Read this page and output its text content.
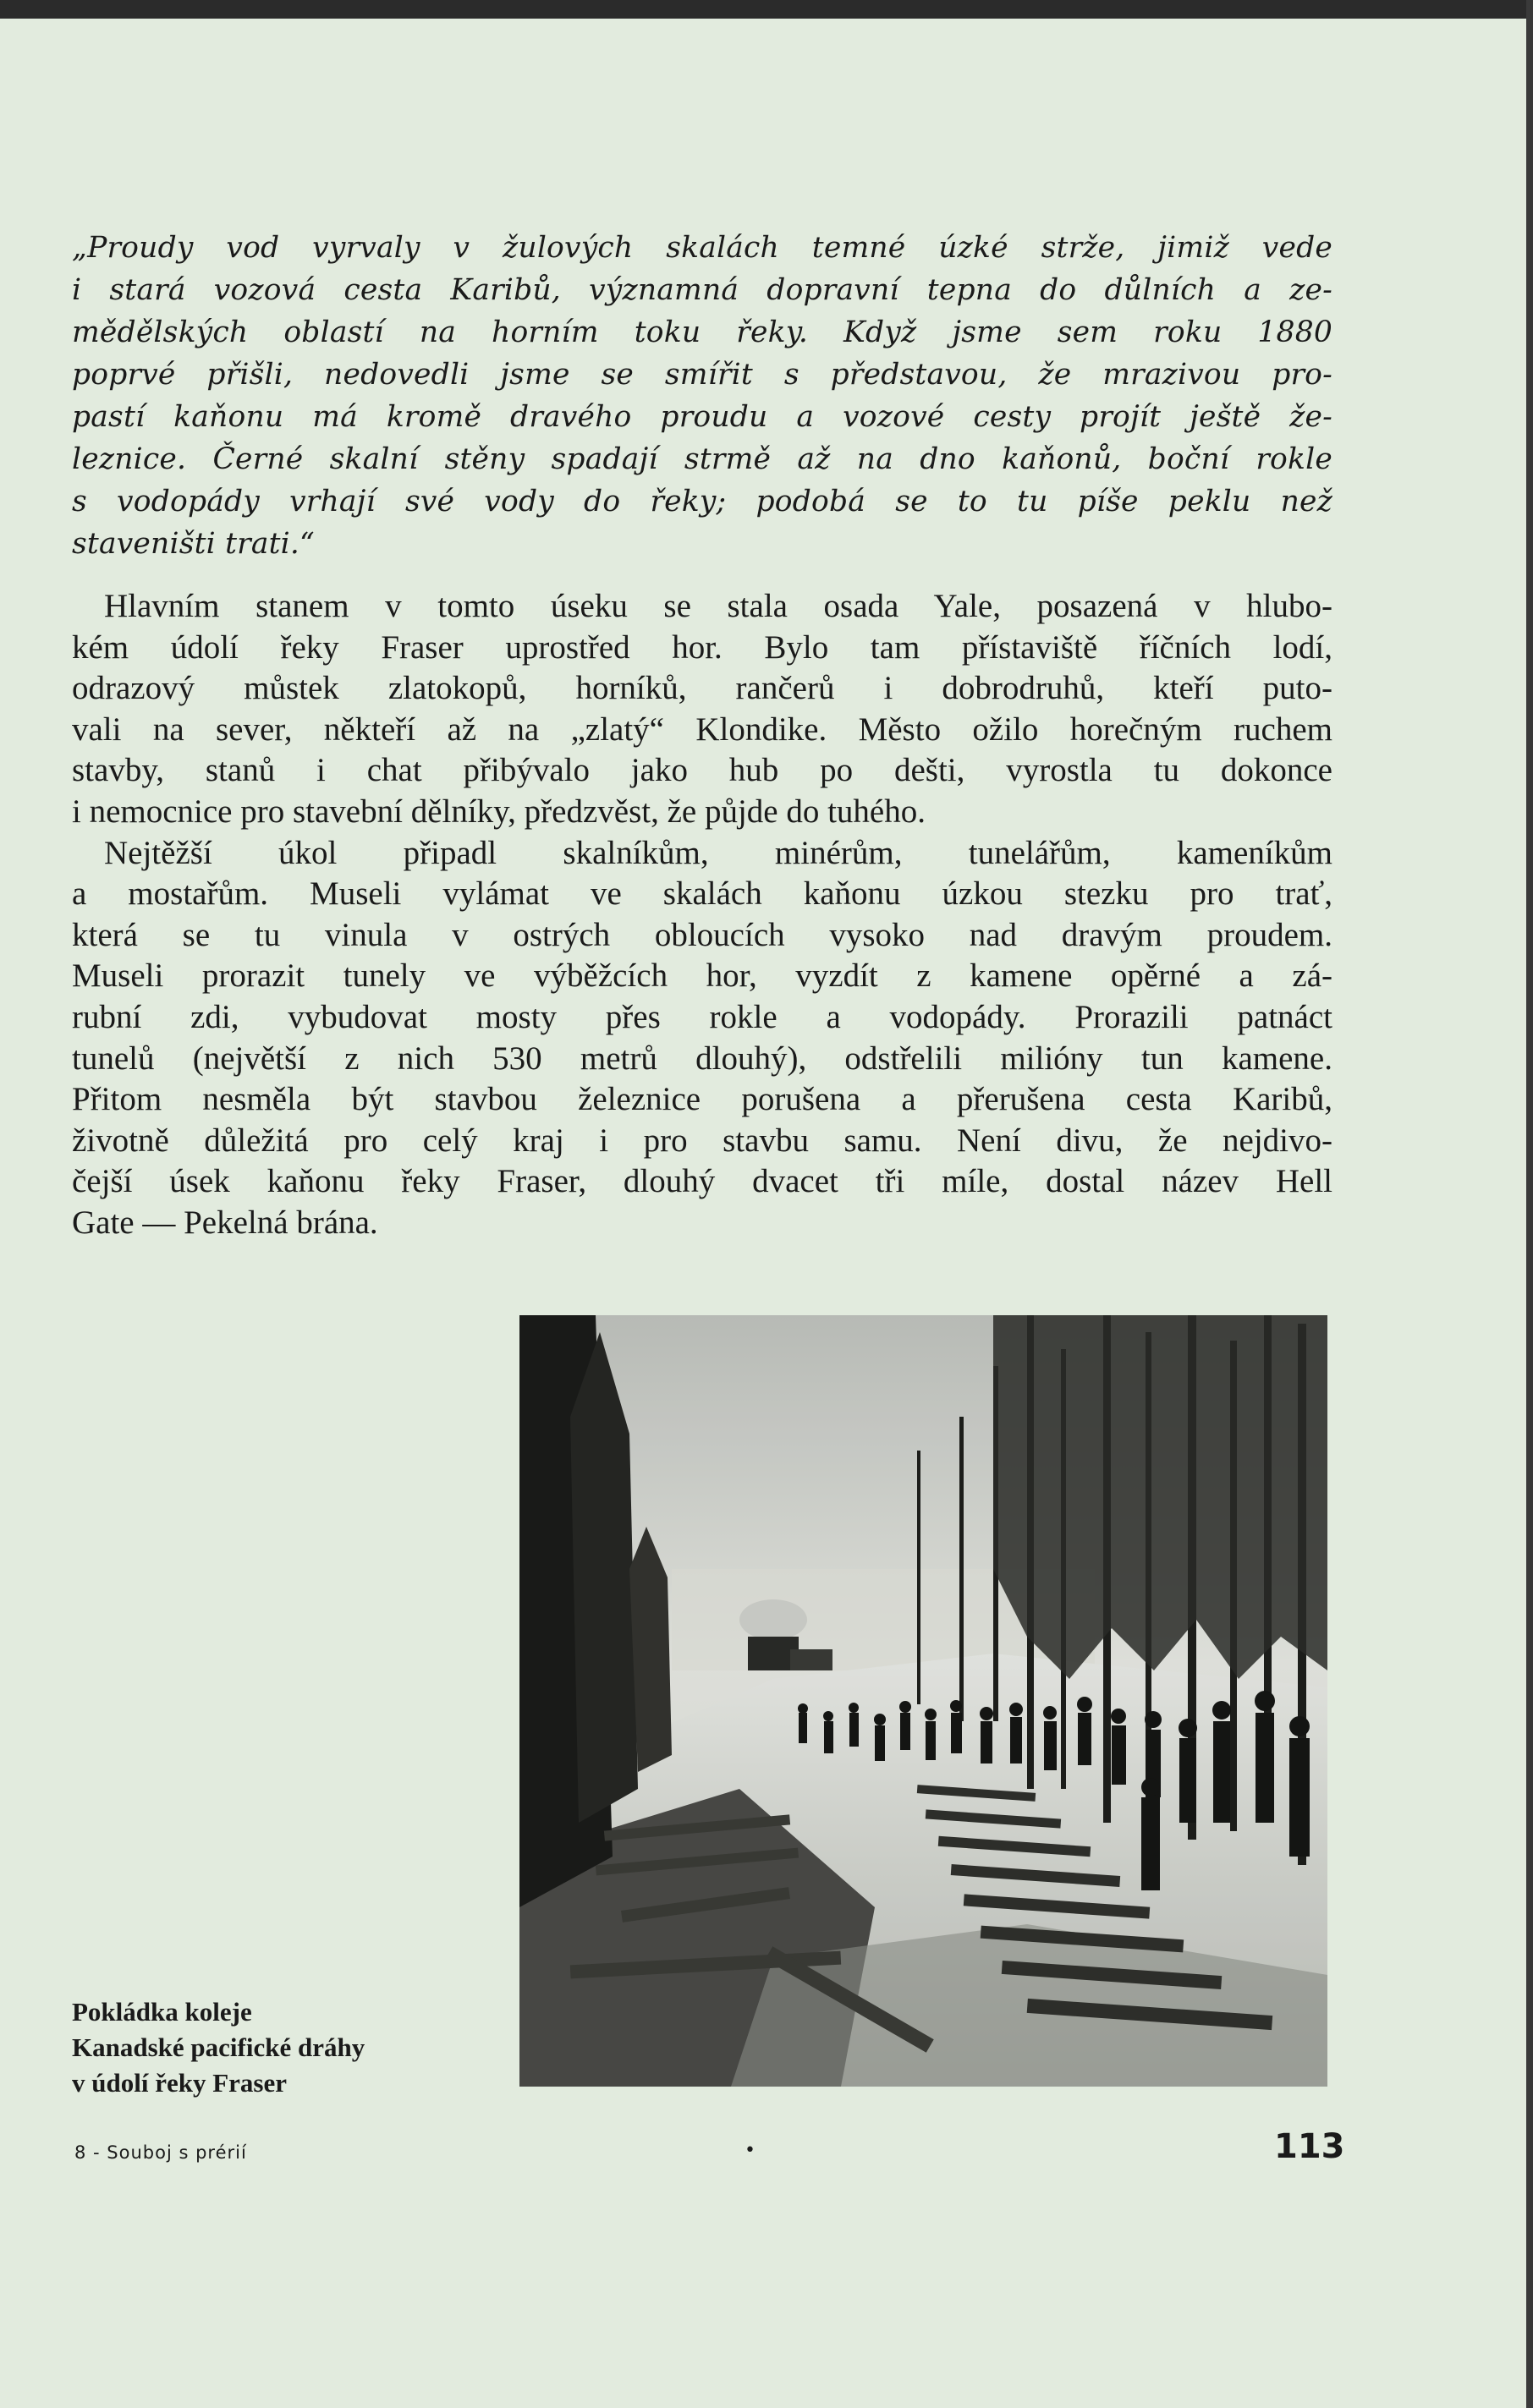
„Proudy vod vyrvaly v žulových skalách temné úzké strže, jimiž vede
i stará vozová cesta Karibů, významná dopravní tepna do důlních a ze-
mědělských oblastí na horním toku řeky. Když jsme sem roku 1880
poprvé přišli, nedovedli jsme se smířit s představou, že mrazivou pro-
pastí kaňonu má kromě dravého proudu a vozové cesty projít ještě že-
leznice. Černé skalní stěny spadají strmě až na dno kaňonů, boční rokle
s vodopády vrhají své vody do řeky; podobá se to tu píše peklu než
staveništi trati.“
Hlavním stanem v tomto úseku se stala osada Yale, posazená v hlubo-
kém údolí řeky Fraser uprostřed hor. Bylo tam přístaviště říčních lodí,
odrazový můstek zlatokopů, horníků, rančerů i dobrodruhů, kteří puto-
vali na sever, někteří až na „zlatý“ Klondike. Město ožilo horečným ruchem
stavby, stanů i chat přibývalo jako hub po dešti, vyrostla tu dokonce
i nemocnice pro stavební dělníky, předzvěst, že půjde do tuhého.
Nejtěžší úkol připadl skalníkům, minérům, tunelářům, kameníkům
a mostařům. Museli vylámat ve skalách kaňonu úzkou stezku pro trať,
která se tu vinula v ostrých obloucích vysoko nad dravým proudem.
Museli prorazit tunely ve výběžcích hor, vyzdít z kamene opěrné a zá-
rubní zdi, vybudovat mosty přes rokle a vodopády. Prorazili patnáct
tunelů (největší z nich 530 metrů dlouhý), odstřelili milióny tun kamene.
Přitom nesměla být stavbou železnice porušena a přerušena cesta Karibů,
životně důležitá pro celý kraj i pro stavbu samu. Není divu, že nejdivo-
čejší úsek kaňonu řeky Fraser, dlouhý dvacet tři míle, dostal název Hell
Gate — Pekelná brána.
Pokládka koleje
Kanadské pacifické dráhy
v údolí řeky Fraser
8 - Souboj s prérií	•	113
